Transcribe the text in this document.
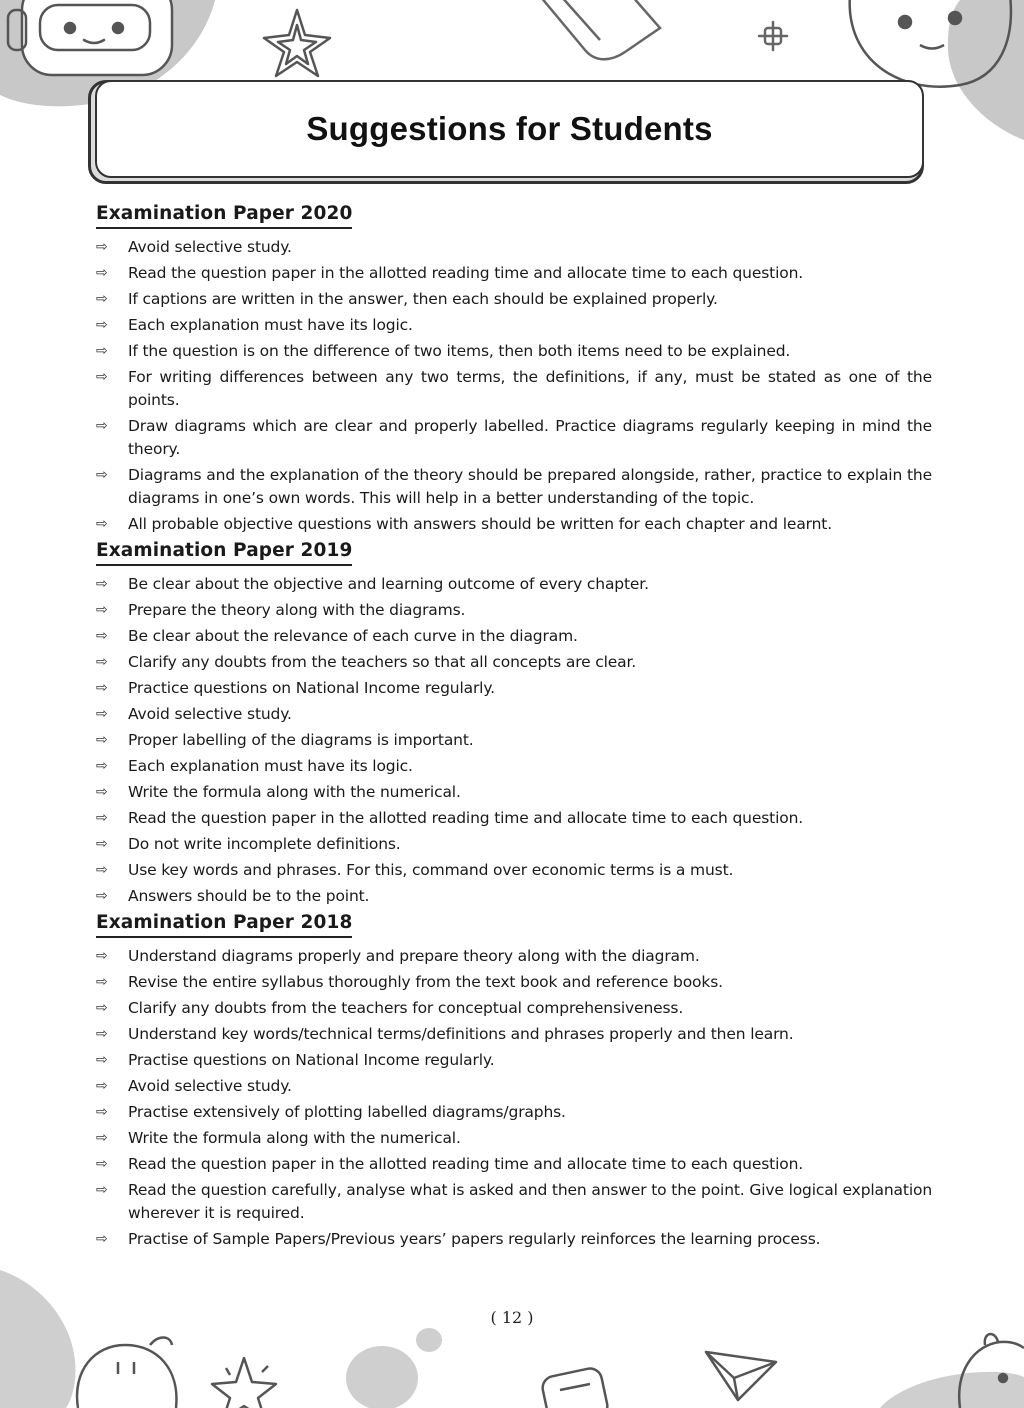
Suggestions for Students
Examination Paper 2020
⇨ Avoid selective study.
⇨ Read the question paper in the allotted reading time and allocate time to each question.
⇨ If captions are written in the answer, then each should be explained properly.
⇨ Each explanation must have its logic.
⇨ If the question is on the difference of two items, then both items need to be explained.
⇨ For writing differences between any two terms, the definitions, if any, must be stated as one of the points.
⇨ Draw diagrams which are clear and properly labelled. Practice diagrams regularly keeping in mind the theory.
⇨ Diagrams and the explanation of the theory should be prepared alongside, rather, practice to explain the diagrams in one’s own words. This will help in a better understanding of the topic.
⇨ All probable objective questions with answers should be written for each chapter and learnt.
Examination Paper 2019
⇨ Be clear about the objective and learning outcome of every chapter.
⇨ Prepare the theory along with the diagrams.
⇨ Be clear about the relevance of each curve in the diagram.
⇨ Clarify any doubts from the teachers so that all concepts are clear.
⇨ Practice questions on National Income regularly.
⇨ Avoid selective study.
⇨ Proper labelling of the diagrams is important.
⇨ Each explanation must have its logic.
⇨ Write the formula along with the numerical.
⇨ Read the question paper in the allotted reading time and allocate time to each question.
⇨ Do not write incomplete definitions.
⇨ Use key words and phrases. For this, command over economic terms is a must.
⇨ Answers should be to the point.
Examination Paper 2018
⇨ Understand diagrams properly and prepare theory along with the diagram.
⇨ Revise the entire syllabus thoroughly from the text book and reference books.
⇨ Clarify any doubts from the teachers for conceptual comprehensiveness.
⇨ Understand key words/technical terms/definitions and phrases properly and then learn.
⇨ Practise questions on National Income regularly.
⇨ Avoid selective study.
⇨ Practise extensively of plotting labelled diagrams/graphs.
⇨ Write the formula along with the numerical.
⇨ Read the question paper in the allotted reading time and allocate time to each question.
⇨ Read the question carefully, analyse what is asked and then answer to the point. Give logical explanation wherever it is required.
⇨ Practise of Sample Papers/Previous years’ papers regularly reinforces the learning process.
( 12 )
